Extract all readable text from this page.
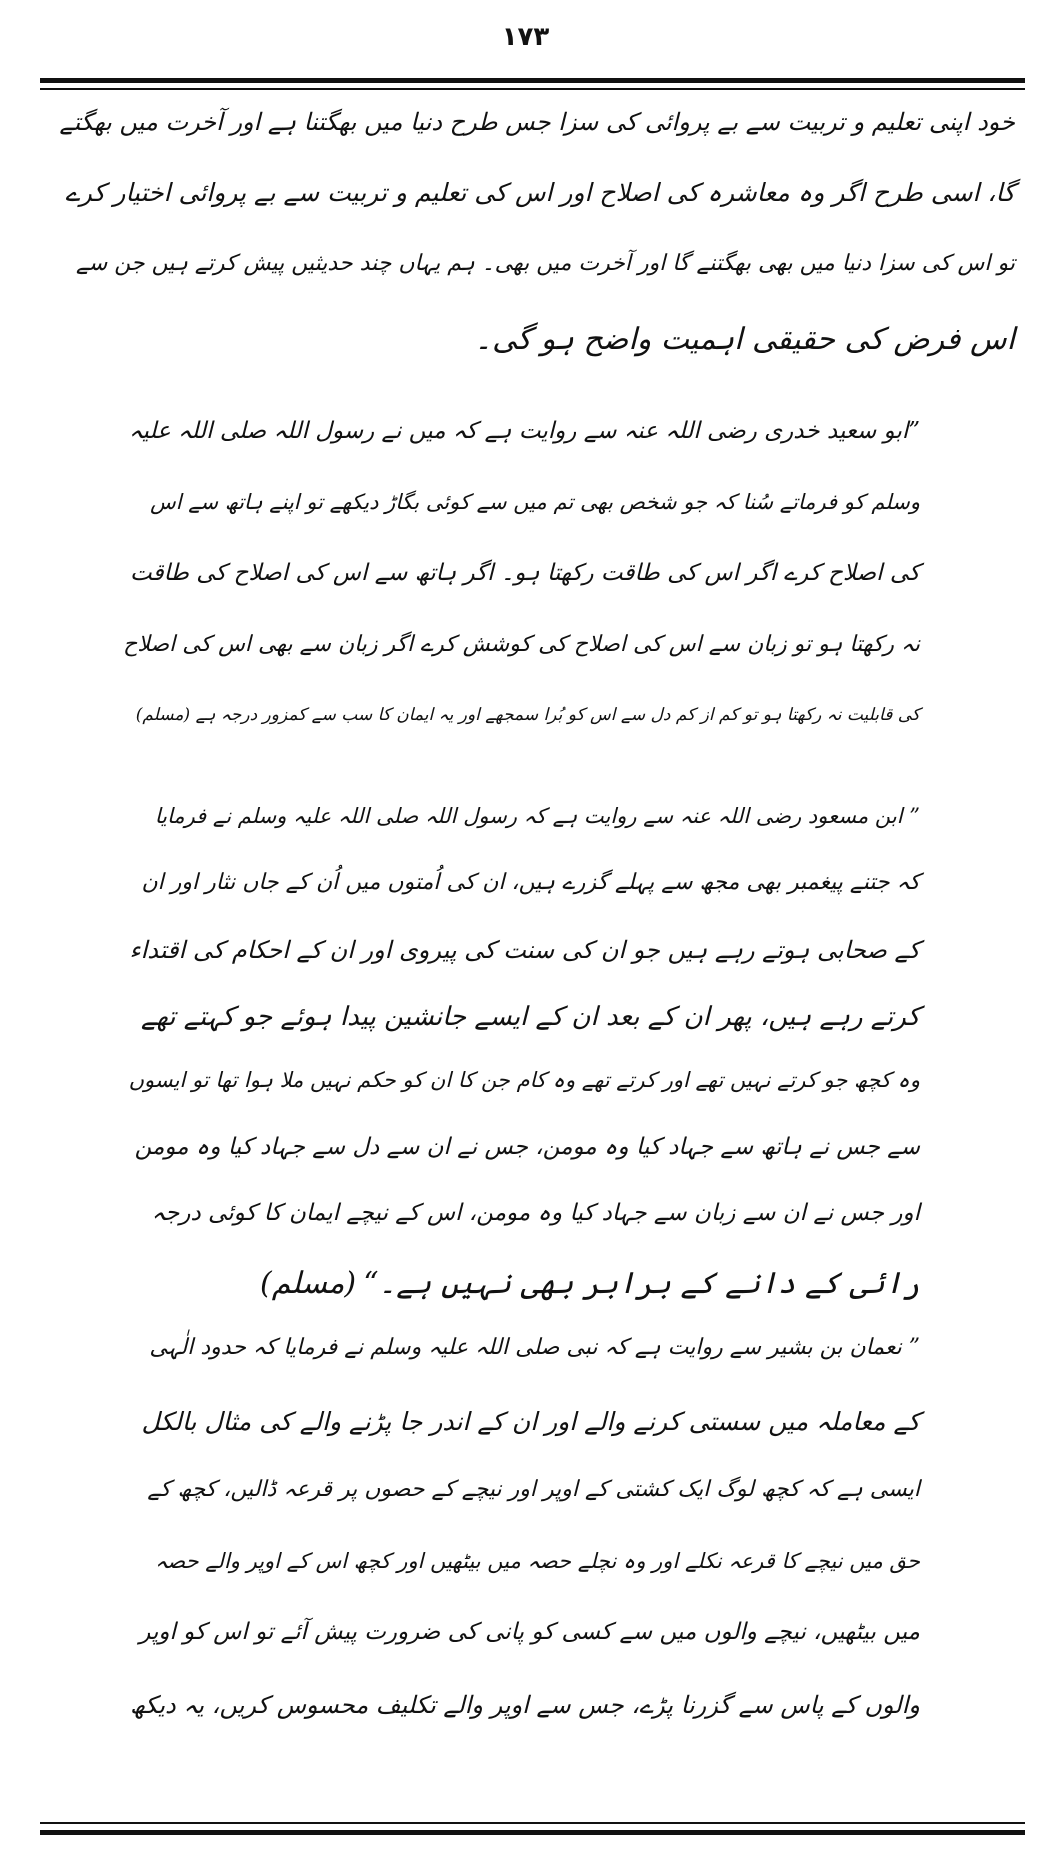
۱۷۳
خود اپنی تعلیم و تربیت سے بے پروائی کی سزا جس طرح دنیا میں بھگتنا ہے اور آخرت میں بھگتے
گا، اسی طرح اگر وہ معاشرہ کی اصلاح اور اس کی تعلیم و تربیت سے بے پروائی اختیار کرے
تو اس کی سزا دنیا میں بھی بھگتنے گا اور آخرت میں بھی۔ ہم یہاں چند حدیثیں پیش کرتے ہیں جن سے
اس فرض کی حقیقی اہمیت واضح ہو گی۔
”ابو سعید خدری رضی اللہ عنہ سے روایت ہے کہ میں نے رسول اللہ صلی اللہ علیہ
وسلم کو فرماتے سُنا کہ جو شخص بھی تم میں سے کوئی بگاڑ دیکھے تو اپنے ہاتھ سے اس
کی اصلاح کرے اگر اس کی طاقت رکھتا ہو۔ اگر ہاتھ سے اس کی اصلاح کی طاقت
نہ رکھتا ہو تو زبان سے اس کی اصلاح کی کوشش کرے اگر زبان سے بھی اس کی اصلاح
کی قابلیت نہ رکھتا ہو تو کم از کم دل سے اس کو بُرا سمجھے اور یہ ایمان کا سب سے کمزور درجہ ہے (مسلم)
” ابن مسعود رضی اللہ عنہ سے روایت ہے کہ رسول اللہ صلی اللہ علیہ وسلم نے فرمایا
کہ جتنے پیغمبر بھی مجھ سے پہلے گزرے ہیں، ان کی اُمتوں میں اُن کے جاں نثار اور ان
کے صحابی ہوتے رہے ہیں جو ان کی سنت کی پیروی اور ان کے احکام کی اقتداء
کرتے رہے ہیں، پھر ان کے بعد ان کے ایسے جانشین پیدا ہوئے جو کہتے تھے
وہ کچھ جو کرتے نہیں تھے اور کرتے تھے وہ کام جن کا ان کو حکم نہیں ملا ہوا تھا تو ایسوں
سے جس نے ہاتھ سے جہاد کیا وہ مومن، جس نے ان سے دل سے جہاد کیا وہ مومن
اور جس نے ان سے زبان سے جہاد کیا وہ مومن، اس کے نیچے ایمان کا کوئی درجہ
رائی کے دانے کے برابر بھی نہیں ہے۔“
(مسلم)
” نعمان بن بشیر سے روایت ہے کہ نبی صلی اللہ علیہ وسلم نے فرمایا کہ حدود الٰہی
کے معاملہ میں سستی کرنے والے اور ان کے اندر جا پڑنے والے کی مثال بالکل
ایسی ہے کہ کچھ لوگ ایک کشتی کے اوپر اور نیچے کے حصوں پر قرعہ ڈالیں، کچھ کے
حق میں نیچے کا قرعہ نکلے اور وہ نچلے حصہ میں بیٹھیں اور کچھ اس کے اوپر والے حصہ
میں بیٹھیں، نیچے والوں میں سے کسی کو پانی کی ضرورت پیش آئے تو اس کو اوپر
والوں کے پاس سے گزرنا پڑے، جس سے اوپر والے تکلیف محسوس کریں، یہ دیکھ
